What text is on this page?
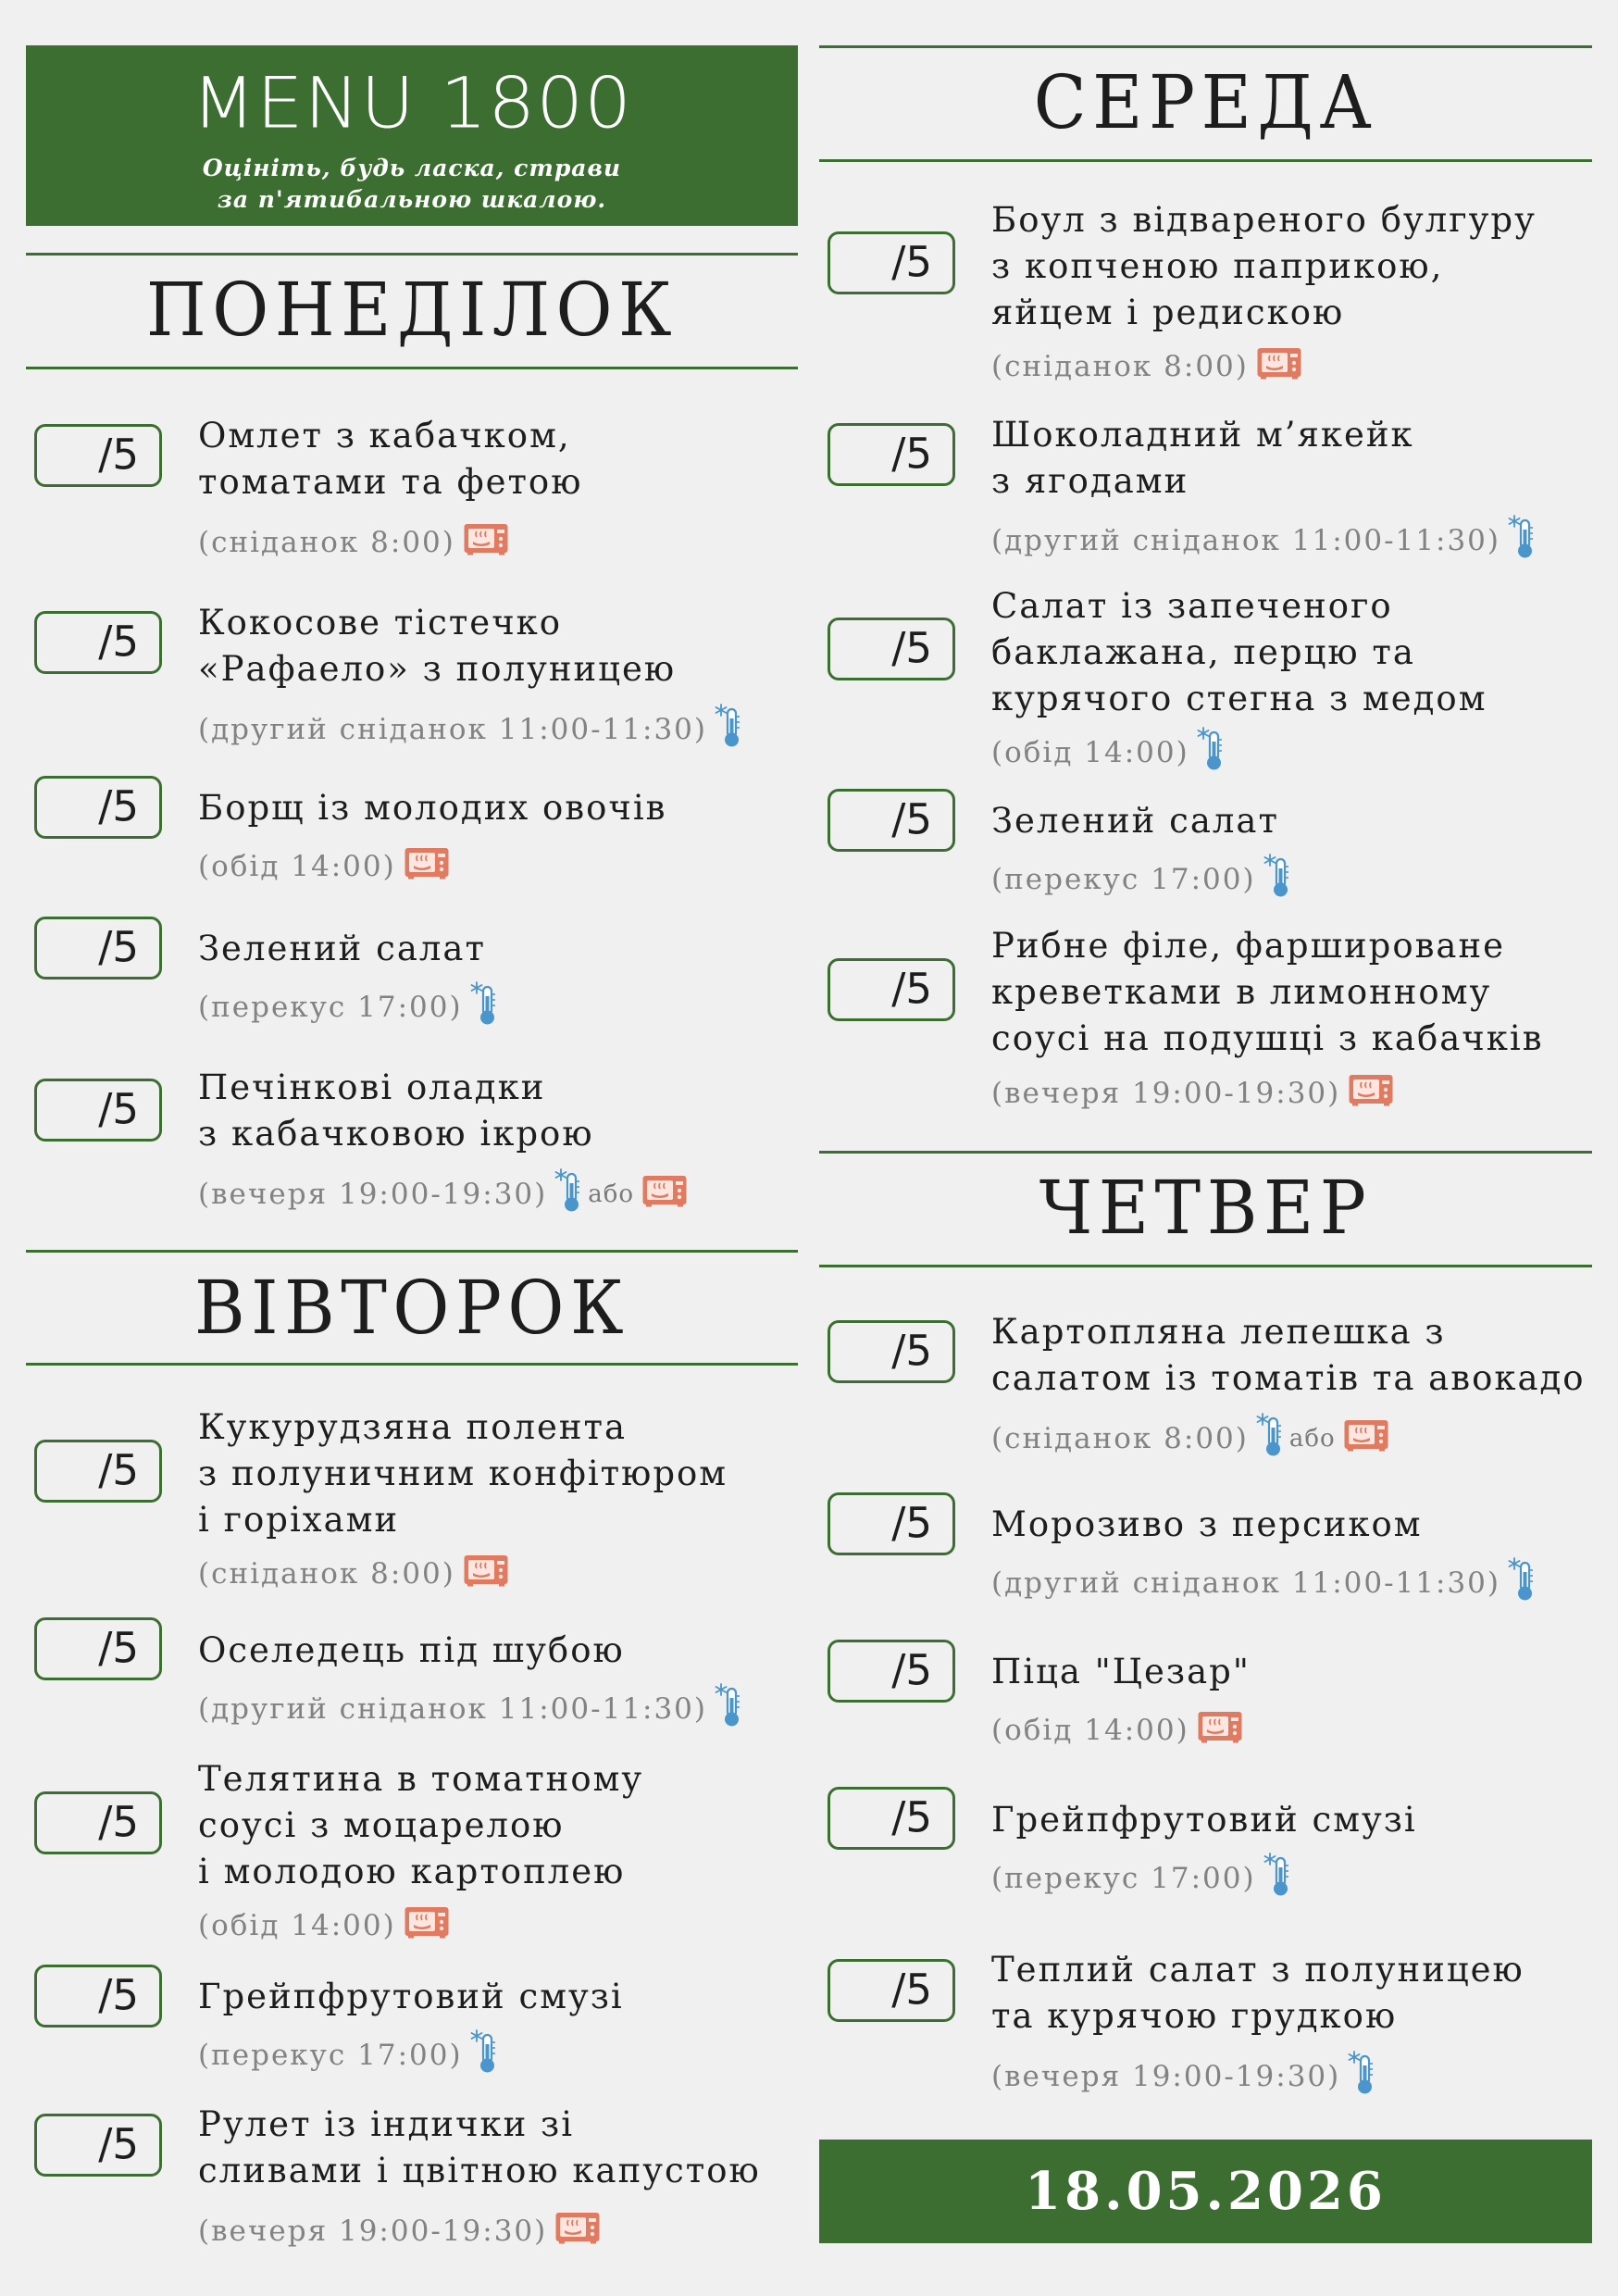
MENU 1800
Оцініть, будь ласка, страви
за п'ятибальною шкалою.
ПОНЕДІЛОК
/5 Омлет з кабачком,
томатами та фетою
(сніданок 8:00)
/5 Кокосове тістечко
«Рафаело» з полуницею
(другий сніданок 11:00-11:30)
/5 Борщ із молодих овочів
(обід 14:00)
/5 Зелений салат
(перекус 17:00)
/5 Печінкові оладки
з кабачковою ікрою
(вечеря 19:00-19:30) або
ВІВТОРОК
/5
Кукурудзяна полента
з полуничним конфітюром
і горіхами
(сніданок 8:00)
/5 Оселедець під шубою
(другий сніданок 11:00-11:30)
/5
Телятина в томатному
соусі з моцарелою
і молодою картоплею
(обід 14:00)
/5 Грейпфрутовий смузі
(перекус 17:00)
/5 Рулет із індички зі
сливами і цвітною капустою
(вечеря 19:00-19:30)
СЕРЕДА
/5
Боул з відвареного булгуру
з копченою паприкою,
яйцем і редискою
(сніданок 8:00)
/5 Шоколадний м’якейк
з ягодами
(другий сніданок 11:00-11:30)
/5
Салат із запеченого
баклажана, перцю та
курячого стегна з медом
(обід 14:00)
/5 Зелений салат
(перекус 17:00)
/5
Рибне філе, фаршироване
креветками в лимонному
соусі на подушці з кабачків
(вечеря 19:00-19:30)
ЧЕТВЕР
/5 Картопляна лепешка з
салатом із томатів та авокадо
(сніданок 8:00) або
/5 Морозиво з персиком
(другий сніданок 11:00-11:30)
/5 Піца "Цезар"
(обід 14:00)
/5 Грейпфрутовий смузі
(перекус 17:00)
/5 Теплий салат з полуницею
та курячою грудкою
(вечеря 19:00-19:30)
18.05.2026
